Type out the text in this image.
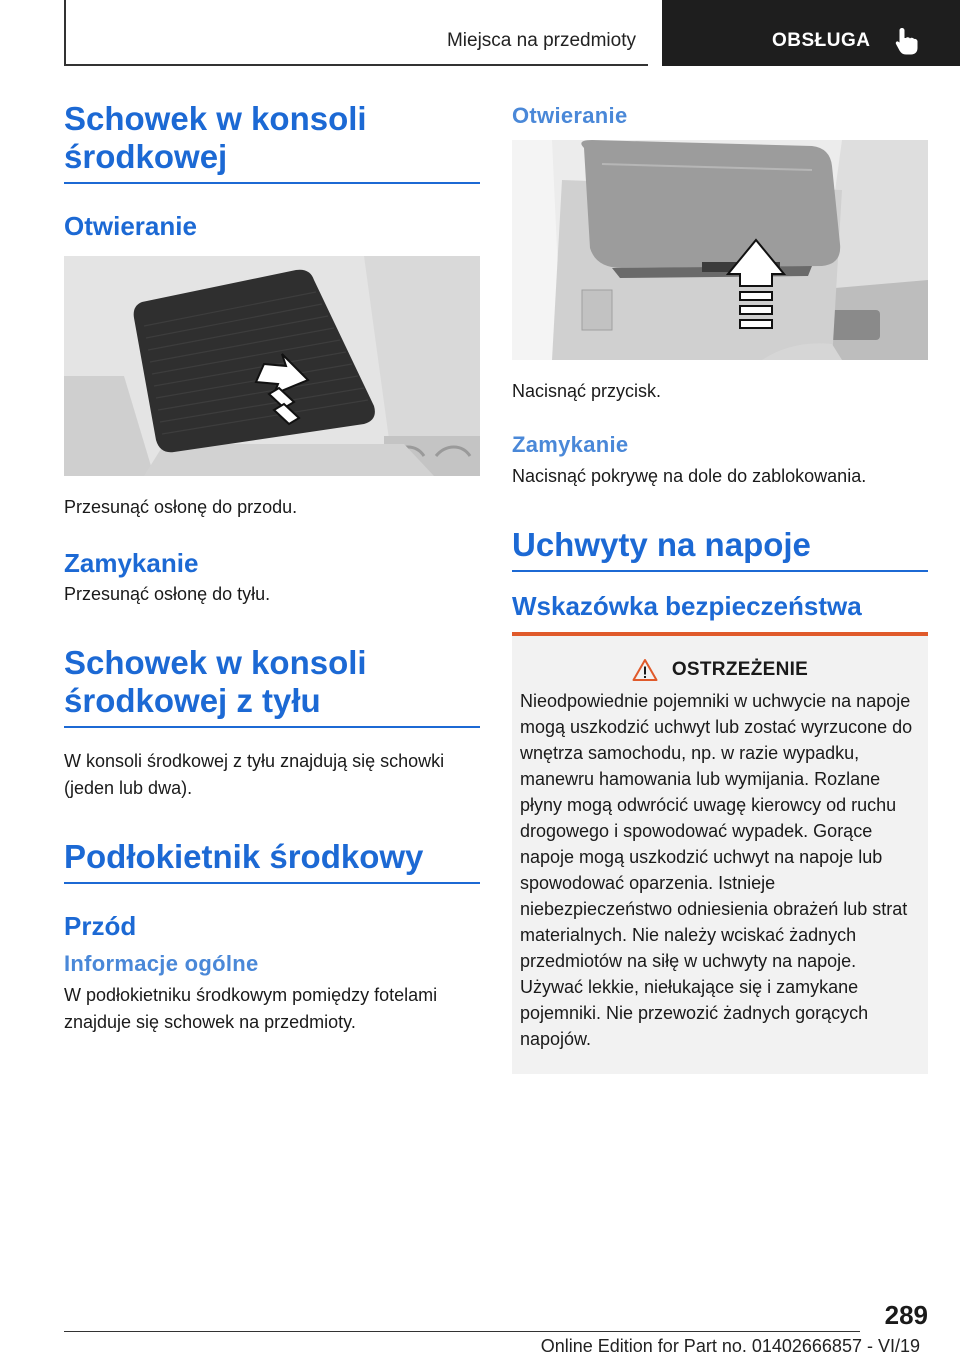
Miejsca na przedmioty	OBSŁUGA
Schowek w konsoli środkowej
Otwieranie

Przesunąć osłonę do przodu.

Zamykanie

Przesunąć osłonę do tyłu.

Schowek w konsoli środkowej z tyłu

W konsoli środkowej z tyłu znajdują się schowki (jeden lub dwa).

Podłokietnik środkowy
Przód
Informacje ogólne

W podłokietniku środkowym pomiędzy fotelami znajduje się schowek na przedmioty.

Otwieranie

Nacisnąć przycisk.

Zamykanie

Nacisnąć pokrywę na dole do zablokowania.

Uchwyty na napoje
Wskazówka bezpieczeństwa
OSTRZEŻENIE

Nieodpowiednie pojemniki w uchwycie na napoje mogą uszkodzić uchwyt lub zostać wyrzucone do wnętrza samochodu, np. w razie wypadku, manewru hamowania lub wymijania. Rozlane płyny mogą odwrócić uwagę kierowcy od ruchu drogowego i spowodować wypadek. Gorące napoje mogą uszkodzić uchwyt na napoje lub spowodować oparzenia. Istnieje niebezpieczeństwo odniesienia obrażeń lub strat materialnych. Nie należy wciskać żadnych przedmiotów na siłę w uchwyty na napoje. Używać lekkie, niełukające się i zamykane pojemniki. Nie przewozić żadnych gorących napojów.

289
Online Edition for Part no. 01402666857 - VI/19
